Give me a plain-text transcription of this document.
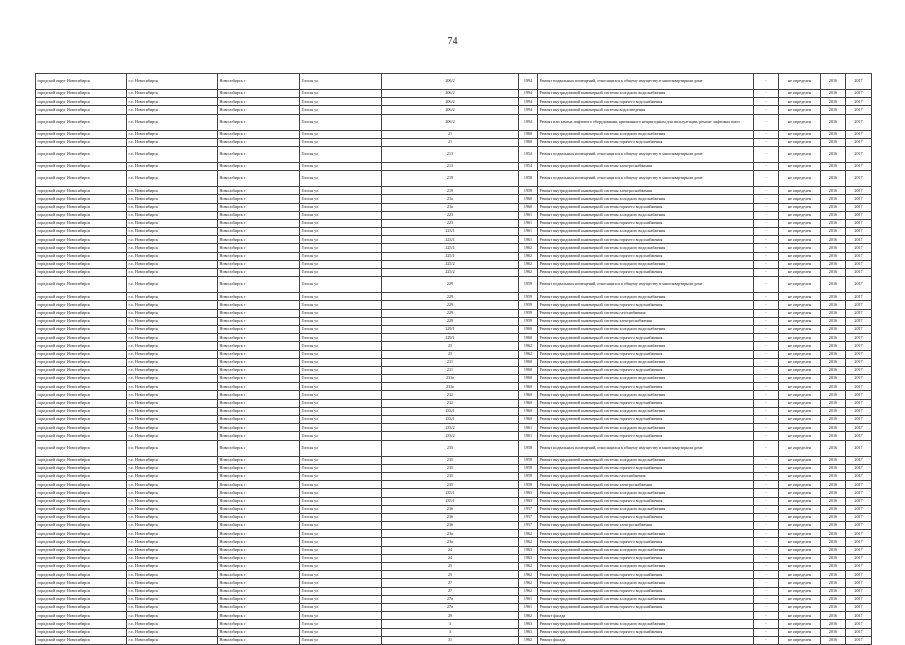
74
городской округ Новосибирск	г.о. Новосибирск	Новосибирск г	Гоголя ул	206/2	1994	Ремонт подвальных помещений, относящихся к общему имуществу в многоквартирном доме	-	не определен	2016	2017
городской округ Новосибирск	г.о. Новосибирск	Новосибирск г	Гоголя ул	206/2	1994	Ремонт внутридомовой инженерной системы холодного водоснабжения	-	не определен	2016	2017
городской округ Новосибирск	г.о. Новосибирск	Новосибирск г	Гоголя ул	206/2	1994	Ремонт внутридомовой инженерной системы горячего водоснабжения	-	не определен	2016	2017
городской округ Новосибирск	г.о. Новосибирск	Новосибирск г	Гоголя ул	206/2	1994	Ремонт внутридомовой инженерной системы водоотведения	-	не определен	2016	2017
городской округ Новосибирск	г.о. Новосибирск	Новосибирск г	Гоголя ул	206/2	1994	Ремонт или замена лифтового оборудования, признанного непригодным для эксплуатации, ремонт лифтовых шахт	-	не определен	2016	2017
городской округ Новосибирск	г.о. Новосибирск	Новосибирск г	Гоголя ул	21	1960	Ремонт внутридомовой инженерной системы холодного водоснабжения	-	не определен	2016	2017
городской округ Новосибирск	г.о. Новосибирск	Новосибирск г	Гоголя ул	21	1960	Ремонт внутридомовой инженерной системы горячего водоснабжения	-	не определен	2016	2017
городской округ Новосибирск	г.о. Новосибирск	Новосибирск г	Гоголя ул	213	1954	Ремонт подвальных помещений, относящихся к общему имуществу в многоквартирном доме	-	не определен	2016	2017
городской округ Новосибирск	г.о. Новосибирск	Новосибирск г	Гоголя ул	213	1954	Ремонт внутридомовой инженерной системы электроснабжения	-	не определен	2016	2017
городской округ Новосибирск	г.о. Новосибирск	Новосибирск г	Гоголя ул	219	1958	Ремонт подвальных помещений, относящихся к общему имуществу в многоквартирном доме	-	не определен	2016	2017
городской округ Новосибирск	г.о. Новосибирск	Новосибирск г	Гоголя ул	219	1958	Ремонт внутридомовой инженерной системы электроснабжения	-	не определен	2016	2017
городской округ Новосибирск	г.о. Новосибирск	Новосибирск г	Гоголя ул	21а	1960	Ремонт внутридомовой инженерной системы холодного водоснабжения	-	не определен	2016	2017
городской округ Новосибирск	г.о. Новосибирск	Новосибирск г	Гоголя ул	21а	1960	Ремонт внутридомовой инженерной системы горячего водоснабжения	-	не определен	2016	2017
городской округ Новосибирск	г.о. Новосибирск	Новосибирск г	Гоголя ул	223	1961	Ремонт внутридомовой инженерной системы холодного водоснабжения	-	не определен	2016	2017
городской округ Новосибирск	г.о. Новосибирск	Новосибирск г	Гоголя ул	223	1961	Ремонт внутридомовой инженерной системы горячего водоснабжения	-	не определен	2016	2017
городской округ Новосибирск	г.о. Новосибирск	Новосибирск г	Гоголя ул	223/1	1961	Ремонт внутридомовой инженерной системы холодного водоснабжения	-	не определен	2016	2017
городской округ Новосибирск	г.о. Новосибирск	Новосибирск г	Гоголя ул	223/1	1961	Ремонт внутридомовой инженерной системы горячего водоснабжения	-	не определен	2016	2017
городской округ Новосибирск	г.о. Новосибирск	Новосибирск г	Гоголя ул	225/1	1962	Ремонт внутридомовой инженерной системы холодного водоснабжения	-	не определен	2016	2017
городской округ Новосибирск	г.о. Новосибирск	Новосибирск г	Гоголя ул	225/1	1962	Ремонт внутридомовой инженерной системы горячего водоснабжения	-	не определен	2016	2017
городской округ Новосибирск	г.о. Новосибирск	Новосибирск г	Гоголя ул	225/2	1962	Ремонт внутридомовой инженерной системы холодного водоснабжения	-	не определен	2016	2017
городской округ Новосибирск	г.о. Новосибирск	Новосибирск г	Гоголя ул	225/2	1962	Ремонт внутридомовой инженерной системы горячего водоснабжения	-	не определен	2016	2017
городской округ Новосибирск	г.о. Новосибирск	Новосибирск г	Гоголя ул	229	1959	Ремонт подвальных помещений, относящихся к общему имуществу в многоквартирном доме	-	не определен	2016	2017
городской округ Новосибирск	г.о. Новосибирск	Новосибирск г	Гоголя ул	229	1959	Ремонт внутридомовой инженерной системы холодного водоснабжения	-	не определен	2016	2017
городской округ Новосибирск	г.о. Новосибирск	Новосибирск г	Гоголя ул	229	1959	Ремонт внутридомовой инженерной системы горячего водоснабжения	-	не определен	2016	2017
городской округ Новосибирск	г.о. Новосибирск	Новосибирск г	Гоголя ул	229	1959	Ремонт внутридомовой инженерной системы газоснабжения	-	не определен	2016	2017
городской округ Новосибирск	г.о. Новосибирск	Новосибирск г	Гоголя ул	229	1959	Ремонт внутридомовой инженерной системы электроснабжения	-	не определен	2016	2017
городской округ Новосибирск	г.о. Новосибирск	Новосибирск г	Гоголя ул	229/1	1960	Ремонт внутридомовой инженерной системы холодного водоснабжения	-	не определен	2016	2017
городской округ Новосибирск	г.о. Новосибирск	Новосибирск г	Гоголя ул	229/1	1960	Ремонт внутридомовой инженерной системы горячего водоснабжения	-	не определен	2016	2017
городской округ Новосибирск	г.о. Новосибирск	Новосибирск г	Гоголя ул	23	1962	Ремонт внутридомовой инженерной системы холодного водоснабжения	-	не определен	2016	2017
городской округ Новосибирск	г.о. Новосибирск	Новосибирск г	Гоголя ул	23	1962	Ремонт внутридомовой инженерной системы горячего водоснабжения	-	не определен	2016	2017
городской округ Новосибирск	г.о. Новосибирск	Новосибирск г	Гоголя ул	231	1960	Ремонт внутридомовой инженерной системы холодного водоснабжения	-	не определен	2016	2017
городской округ Новосибирск	г.о. Новосибирск	Новосибирск г	Гоголя ул	231	1960	Ремонт внутридомовой инженерной системы горячего водоснабжения	-	не определен	2016	2017
городской округ Новосибирск	г.о. Новосибирск	Новосибирск г	Гоголя ул	231а	1960	Ремонт внутридомовой инженерной системы холодного водоснабжения	-	не определен	2016	2017
городской округ Новосибирск	г.о. Новосибирск	Новосибирск г	Гоголя ул	231а	1960	Ремонт внутридомовой инженерной системы горячего водоснабжения	-	не определен	2016	2017
городской округ Новосибирск	г.о. Новосибирск	Новосибирск г	Гоголя ул	232	1960	Ремонт внутридомовой инженерной системы холодного водоснабжения	-	не определен	2016	2017
городской округ Новосибирск	г.о. Новосибирск	Новосибирск г	Гоголя ул	232	1960	Ремонт внутридомовой инженерной системы горячего водоснабжения	-	не определен	2016	2017
городской округ Новосибирск	г.о. Новосибирск	Новосибирск г	Гоголя ул	233/1	1960	Ремонт внутридомовой инженерной системы холодного водоснабжения	-	не определен	2016	2017
городской округ Новосибирск	г.о. Новосибирск	Новосибирск г	Гоголя ул	233/1	1960	Ремонт внутридомовой инженерной системы горячего водоснабжения	-	не определен	2016	2017
городской округ Новосибирск	г.о. Новосибирск	Новосибирск г	Гоголя ул	233/2	1961	Ремонт внутридомовой инженерной системы холодного водоснабжения	-	не определен	2016	2017
городской округ Новосибирск	г.о. Новосибирск	Новосибирск г	Гоголя ул	233/2	1961	Ремонт внутридомовой инженерной системы горячего водоснабжения	-	не определен	2016	2017
городской округ Новосибирск	г.о. Новосибирск	Новосибирск г	Гоголя ул	235	1958	Ремонт подвальных помещений, относящихся к общему имуществу в многоквартирном доме	-	не определен	2016	2017
городской округ Новосибирск	г.о. Новосибирск	Новосибирск г	Гоголя ул	235	1958	Ремонт внутридомовой инженерной системы холодного водоснабжения	-	не определен	2016	2017
городской округ Новосибирск	г.о. Новосибирск	Новосибирск г	Гоголя ул	235	1958	Ремонт внутридомовой инженерной системы горячего водоснабжения	-	не определен	2016	2017
городской округ Новосибирск	г.о. Новосибирск	Новосибирск г	Гоголя ул	235	1958	Ремонт внутридомовой инженерной системы газоснабжения	-	не определен	2016	2017
городской округ Новосибирск	г.о. Новосибирск	Новосибирск г	Гоголя ул	235	1958	Ремонт внутридомовой инженерной системы электроснабжения	-	не определен	2016	2017
городской округ Новосибирск	г.о. Новосибирск	Новосибирск г	Гоголя ул	235/1	1963	Ремонт внутридомовой инженерной системы холодного водоснабжения	-	не определен	2016	2017
городской округ Новосибирск	г.о. Новосибирск	Новосибирск г	Гоголя ул	235/1	1963	Ремонт внутридомовой инженерной системы горячего водоснабжения	-	не определен	2016	2017
городской округ Новосибирск	г.о. Новосибирск	Новосибирск г	Гоголя ул	236	1957	Ремонт внутридомовой инженерной системы холодного водоснабжения	-	не определен	2016	2017
городской округ Новосибирск	г.о. Новосибирск	Новосибирск г	Гоголя ул	236	1957	Ремонт внутридомовой инженерной системы горячего водоснабжения	-	не определен	2016	2017
городской округ Новосибирск	г.о. Новосибирск	Новосибирск г	Гоголя ул	236	1957	Ремонт внутридомовой инженерной системы электроснабжения	-	не определен	2016	2017
городской округ Новосибирск	г.о. Новосибирск	Новосибирск г	Гоголя ул	23а	1962	Ремонт внутридомовой инженерной системы холодного водоснабжения	-	не определен	2016	2017
городской округ Новосибирск	г.о. Новосибирск	Новосибирск г	Гоголя ул	23а	1962	Ремонт внутридомовой инженерной системы горячего водоснабжения	-	не определен	2016	2017
городской округ Новосибирск	г.о. Новосибирск	Новосибирск г	Гоголя ул	24	1963	Ремонт внутридомовой инженерной системы холодного водоснабжения	-	не определен	2016	2017
городской округ Новосибирск	г.о. Новосибирск	Новосибирск г	Гоголя ул	24	1963	Ремонт внутридомовой инженерной системы горячего водоснабжения	-	не определен	2016	2017
городской округ Новосибирск	г.о. Новосибирск	Новосибирск г	Гоголя ул	25	1962	Ремонт внутридомовой инженерной системы холодного водоснабжения	-	не определен	2016	2017
городской округ Новосибирск	г.о. Новосибирск	Новосибирск г	Гоголя ул	25	1962	Ремонт внутридомовой инженерной системы горячего водоснабжения	-	не определен	2016	2017
городской округ Новосибирск	г.о. Новосибирск	Новосибирск г	Гоголя ул	27	1962	Ремонт внутридомовой инженерной системы холодного водоснабжения	-	не определен	2016	2017
городской округ Новосибирск	г.о. Новосибирск	Новосибирск г	Гоголя ул	27	1962	Ремонт внутридомовой инженерной системы горячего водоснабжения	-	не определен	2016	2017
городской округ Новосибирск	г.о. Новосибирск	Новосибирск г	Гоголя ул	27а	1961	Ремонт внутридомовой инженерной системы холодного водоснабжения	-	не определен	2016	2017
городской округ Новосибирск	г.о. Новосибирск	Новосибирск г	Гоголя ул	27а	1961	Ремонт внутридомовой инженерной системы горячего водоснабжения	-	не определен	2016	2017
городской округ Новосибирск	г.о. Новосибирск	Новосибирск г	Гоголя ул	29	1962	Ремонт фасада	-	не определен	2016	2017
городской округ Новосибирск	г.о. Новосибирск	Новосибирск г	Гоголя ул	3	1963	Ремонт внутридомовой инженерной системы холодного водоснабжения	-	не определен	2016	2017
городской округ Новосибирск	г.о. Новосибирск	Новосибирск г	Гоголя ул	3	1963	Ремонт внутридомовой инженерной системы горячего водоснабжения	-	не определен	2016	2017
городской округ Новосибирск	г.о. Новосибирск	Новосибирск г	Гоголя ул	31	1962	Ремонт фасада	-	не определен	2016	2017
